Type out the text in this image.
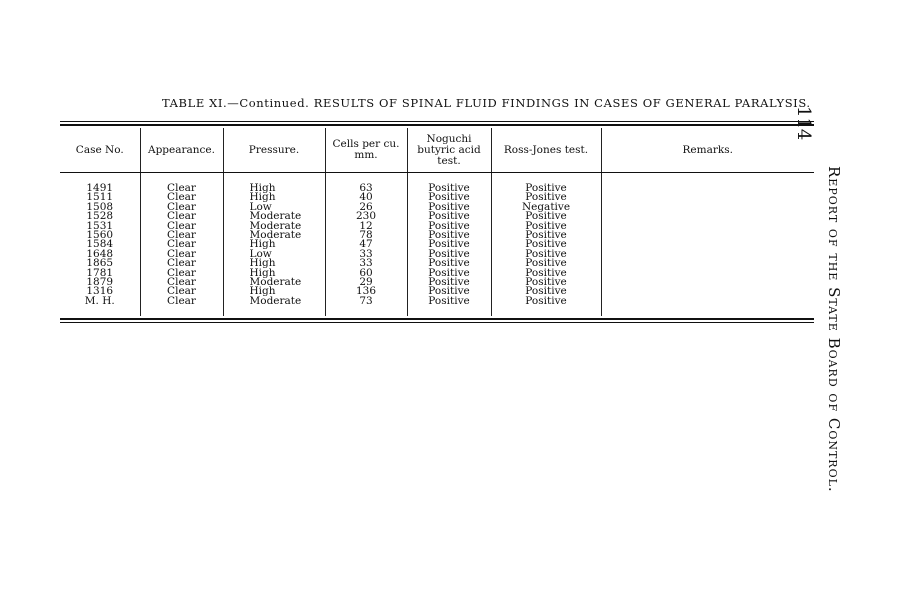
TABLE XI.—Continued. RESULTS OF SPINAL FLUID FINDINGS IN CASES OF GENERAL PARALYSIS.
Case No.	Appearance.	Pressure.	Cells per cu. mm.	Noguchi butyric acid test.	Ross-Jones test.	Remarks.

1491	Clear	High	63	Positive	Positive	
1511	Clear	High	40	Positive	Positive	
1508	Clear	Low	26	Positive	Negative	
1528	Clear	Moderate	230	Positive	Positive	
1531	Clear	Moderate	12	Positive	Positive	
1560	Clear	Moderate	78	Positive	Positive	
1584	Clear	High	47	Positive	Positive	
1648	Clear	Low	33	Positive	Positive	
1865	Clear	High	33	Positive	Positive	
1781	Clear	High	60	Positive	Positive	
1879	Clear	Moderate	29	Positive	Positive	
1316	Clear	High	136	Positive	Positive	
M. H.	Clear	Moderate	73	Positive	Positive	
114
Report of the State Board of Control.
